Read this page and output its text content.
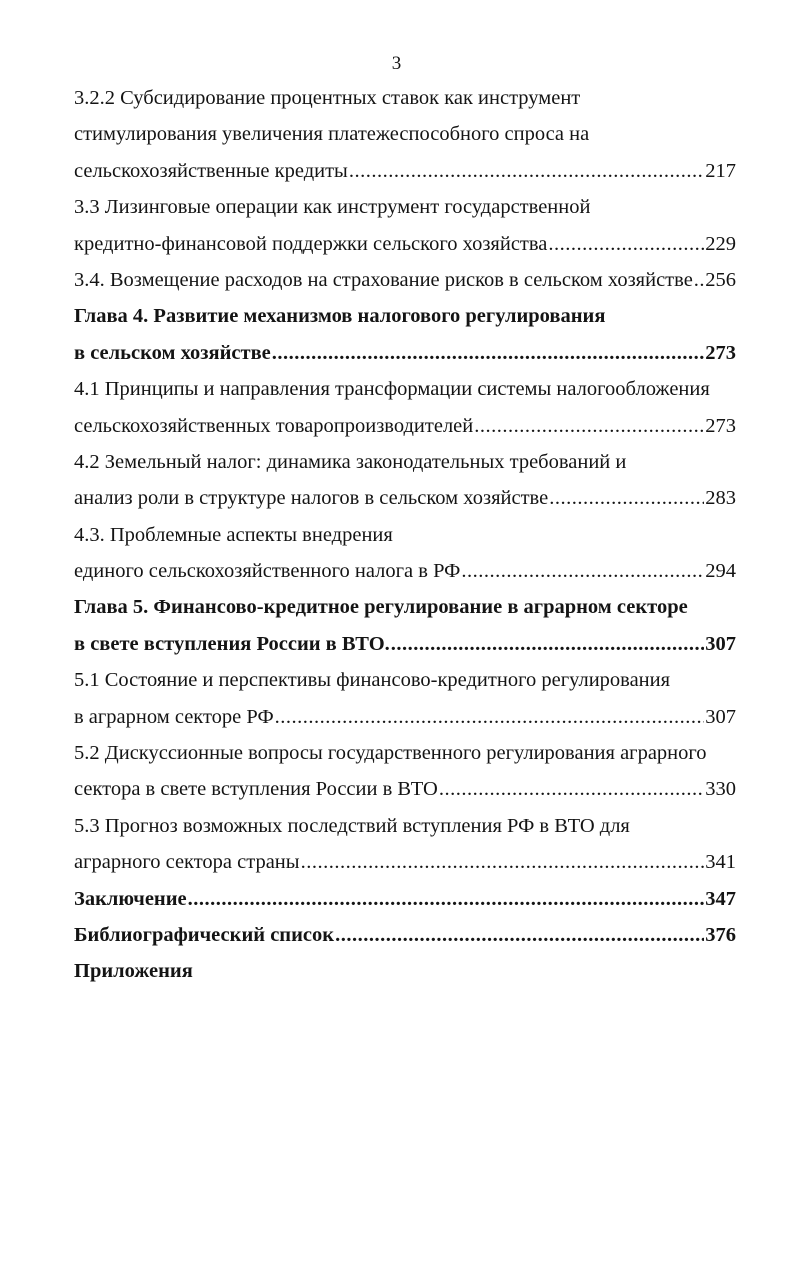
3
3.2.2 Субсидирование процентных ставок как инструмент
стимулирования увеличения платежеспособного спроса на
сельскохозяйственные кредиты .....	217
3.3 Лизинговые операции как инструмент государственной
кредитно-финансовой поддержки сельского хозяйства .....	229
3.4. Возмещение расходов на страхование рисков в сельском хозяйстве ..... 256
Глава 4. Развитие механизмов налогового регулирования
в сельском хозяйстве .....	273
4.1 Принципы и направления трансформации системы налогообложения
сельскохозяйственных товаропроизводителей .....	273
4.2 Земельный налог: динамика законодательных требований и
анализ роли в структуре налогов в сельском хозяйстве .....	283
4.3. Проблемные аспекты внедрения
единого сельскохозяйственного налога в РФ .....	294
Глава 5. Финансово-кредитное регулирование в аграрном секторе
в свете вступления России в ВТО. .....	307
5.1 Состояние и перспективы финансово-кредитного регулирования
в аграрном секторе РФ .....	307
5.2 Дискуссионные вопросы государственного регулирования аграрного
сектора в свете вступления России в ВТО .....	330
5.3 Прогноз возможных последствий вступления РФ в ВТО для
аграрного сектора страны .....	341
Заключение .....	347
Библиографический список .....	376
Приложения
